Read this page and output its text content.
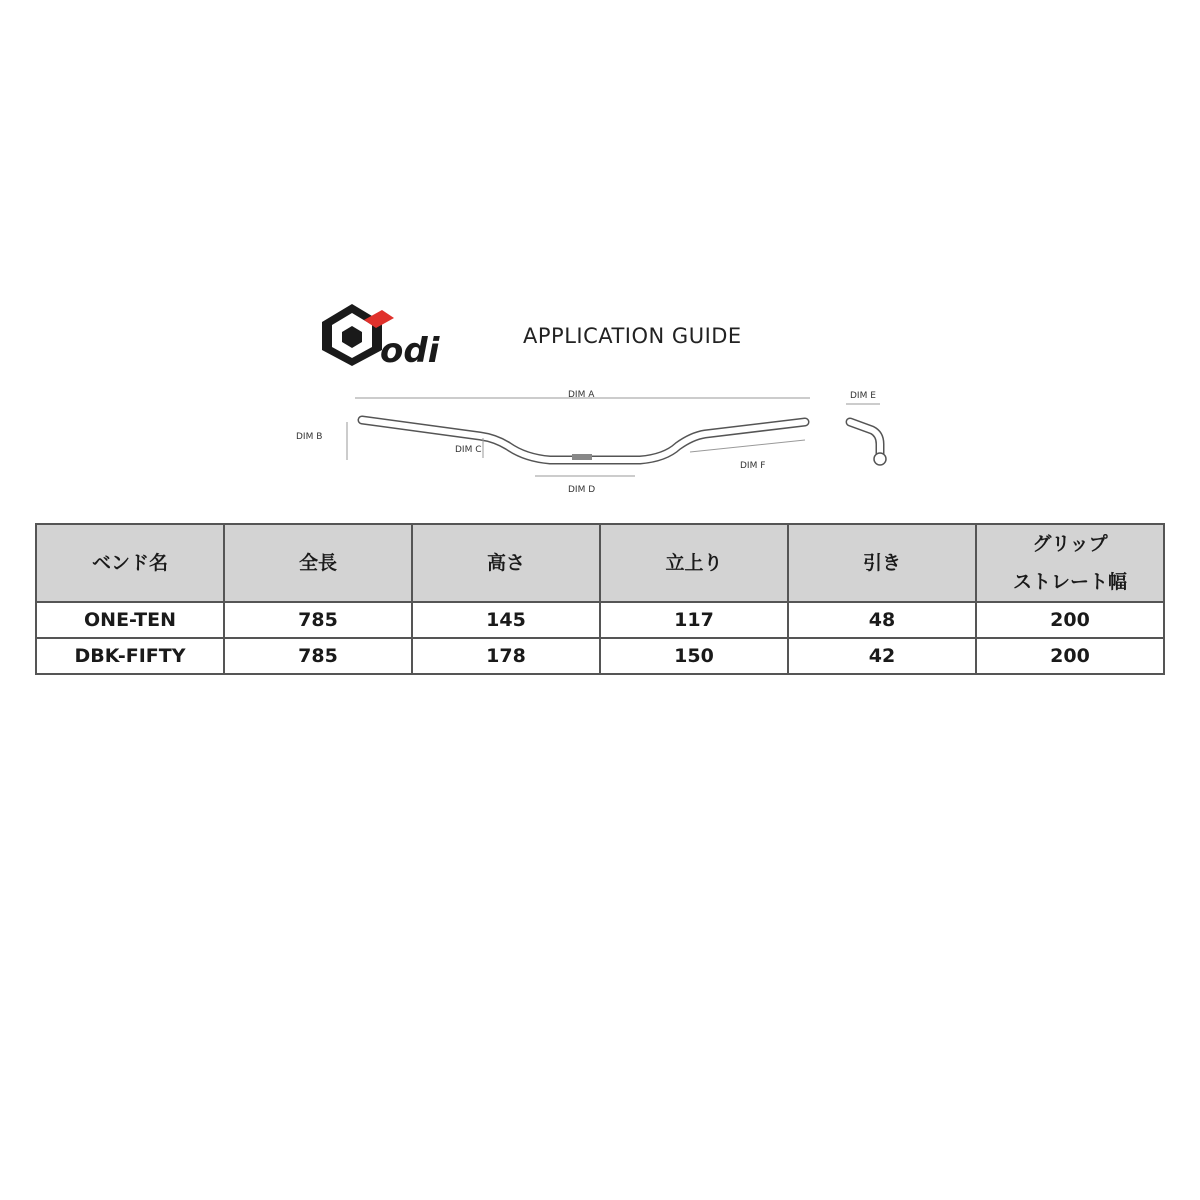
odi	APPLICATION GUIDE
DIM A
DIM B
DIM C
DIM D
DIM F
DIM E
ベンド名	全長	高さ	立上り	引き	グリップ
ストレート幅

ONE-TEN	785	145	117	48	200
DBK-FIFTY	785	178	150	42	200
